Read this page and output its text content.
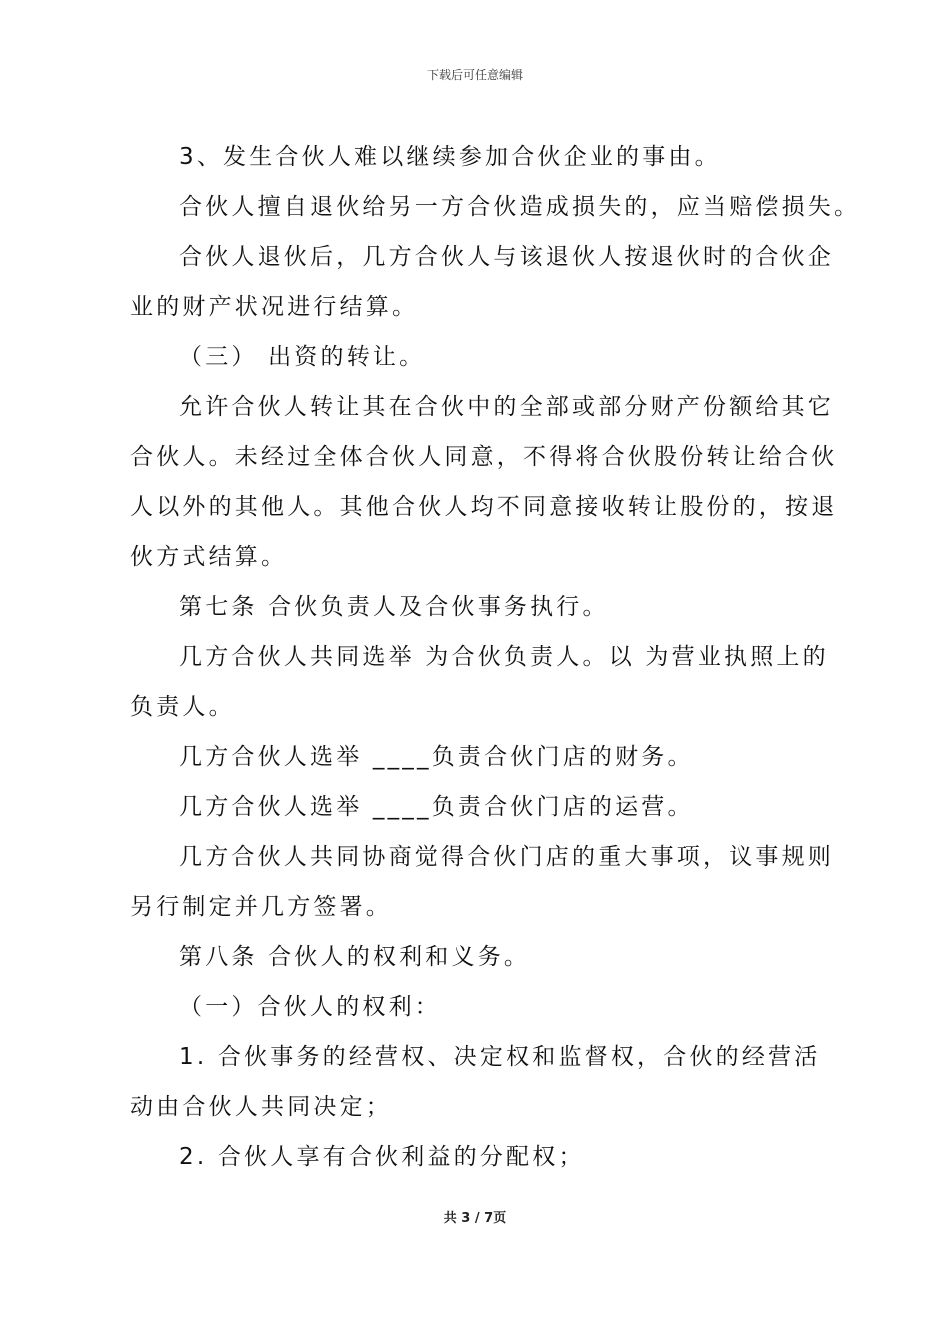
下载后可任意编辑

3、发生合伙人难以继续参加合伙企业的事由。

合伙人擅自退伙给另一方合伙造成损失的，应当赔偿损失。

合伙人退伙后，几方合伙人与该退伙人按退伙时的合伙企

业的财产状况进行结算。

（三） 出资的转让。

允许合伙人转让其在合伙中的全部或部分财产份额给其它

合伙人。未经过全体合伙人同意，不得将合伙股份转让给合伙

人以外的其他人。其他合伙人均不同意接收转让股份的，按退

伙方式结算。

第七条 合伙负责人及合伙事务执行。

几方合伙人共同选举 为合伙负责人。以 为营业执照上的

负责人。

几方合伙人选举 ____负责合伙门店的财务。

几方合伙人选举 ____负责合伙门店的运营。

几方合伙人共同协商觉得合伙门店的重大事项，议事规则

另行制定并几方签署。

第八条 合伙人的权利和义务。

（一）合伙人的权利：

1. 合伙事务的经营权、决定权和监督权，合伙的经营活

动由合伙人共同决定；

2. 合伙人享有合伙利益的分配权；

共 3 / 7页
